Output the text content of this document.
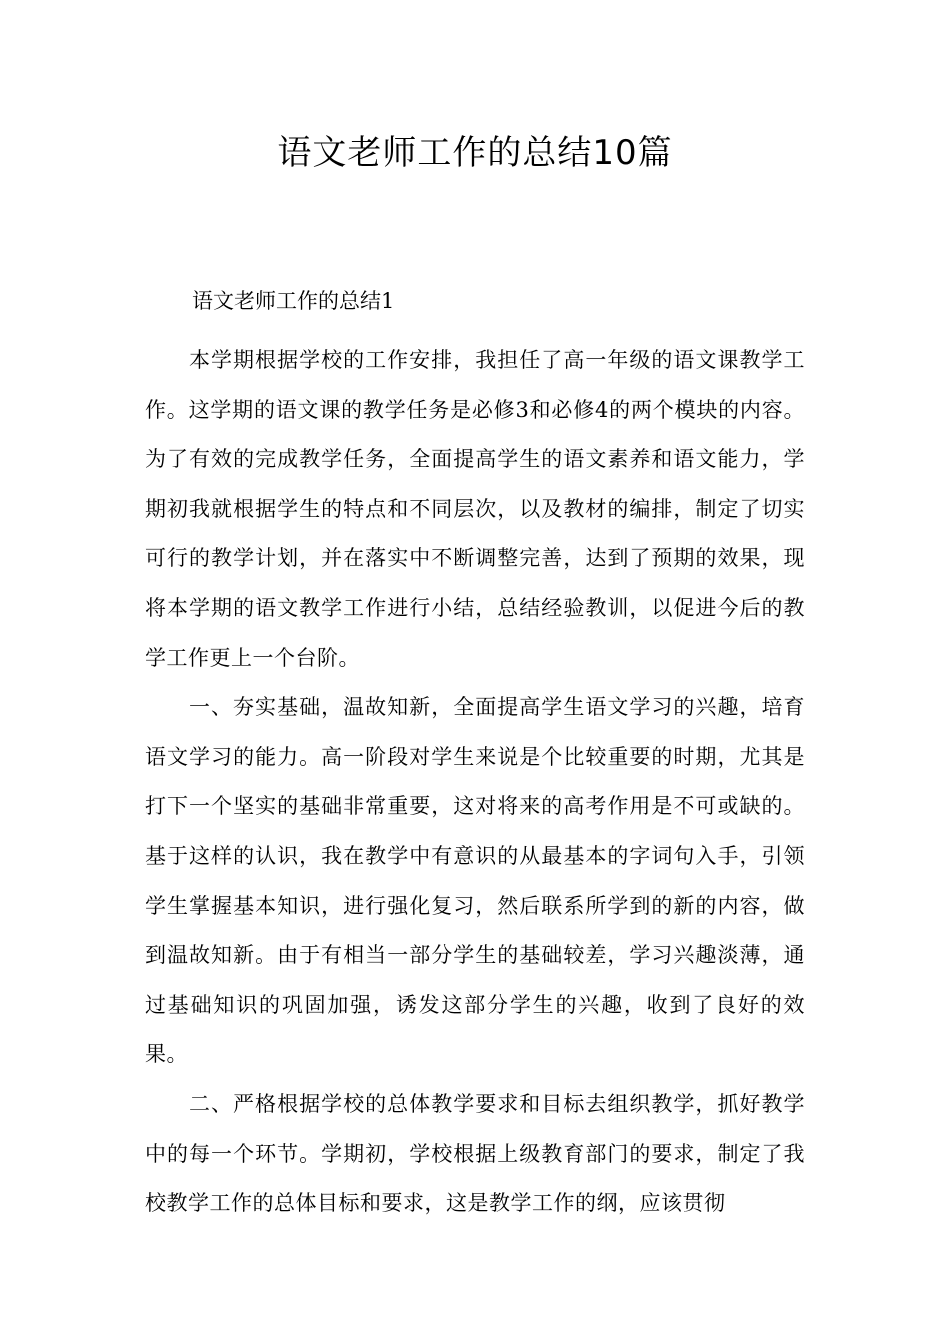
语文老师工作的总结10篇

语文老师工作的总结1

本学期根据学校的工作安排，我担任了高一年级的语文课教学工作。这学期的语文课的教学任务是必修3和必修4的两个模块的内容。为了有效的完成教学任务，全面提高学生的语文素养和语文能力，学期初我就根据学生的特点和不同层次，以及教材的编排，制定了切实可行的教学计划，并在落实中不断调整完善，达到了预期的效果，现将本学期的语文教学工作进行小结，总结经验教训，以促进今后的教学工作更上一个台阶。

一、夯实基础，温故知新，全面提高学生语文学习的兴趣，培育语文学习的能力。高一阶段对学生来说是个比较重要的时期，尤其是打下一个坚实的基础非常重要，这对将来的高考作用是不可或缺的。基于这样的认识，我在教学中有意识的从最基本的字词句入手，引领学生掌握基本知识，进行强化复习，然后联系所学到的新的内容，做到温故知新。由于有相当一部分学生的基础较差，学习兴趣淡薄，通过基础知识的巩固加强，诱发这部分学生的兴趣，收到了良好的效果。

二、严格根据学校的总体教学要求和目标去组织教学，抓好教学中的每一个环节。学期初，学校根据上级教育部门的要求，制定了我校教学工作的总体目标和要求，这是教学工作的纲，应该贯彻
